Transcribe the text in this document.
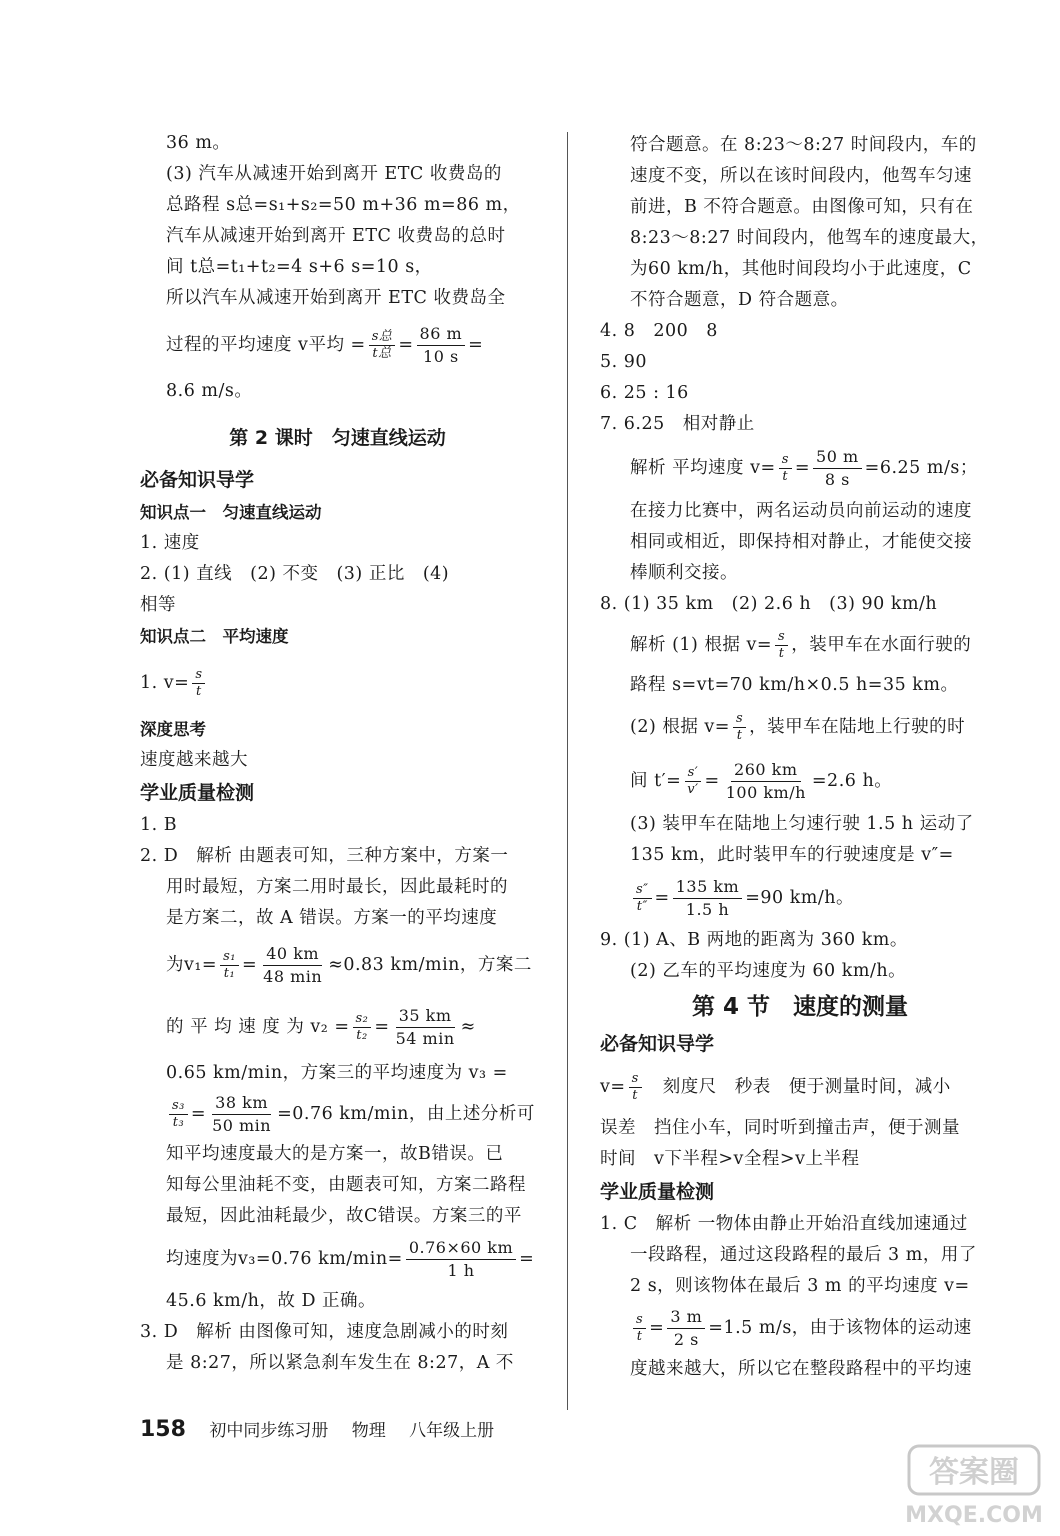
36 m。
(3) 汽车从减速开始到离开 ETC 收费岛的
总路程 s总=s₁+s₂=50 m+36 m=86 m，
汽车从减速开始到离开 ETC 收费岛的总时
间 t总=t₁+t₂=4 s+6 s=10 s，
所以汽车从减速开始到离开 ETC 收费岛全
过程的平均速度 v平均 = $\frac{\text{s总}}{\text{t总}} = \frac{86 m}{10 s}$ =
8.6 m/s。
第 2 课时　匀速直线运动
必备知识导学
知识点一　匀速直线运动
1. 速度
2. (1) 直线　(2) 不变　(3) 正比　(4)
相等
知识点二　平均速度
1. $v= \frac{s}{t}$
深度思考
速度越来越大
学业质量检测
1. B
2. D　解析 由题表可知，三种方案中，方案一
用时最短，方案二用时最长，因此最耗时的
是方案二，故 A 错误。方案一的平均速度
为$v_1= \frac{\text{s₁}}{\text{t₁}} = \frac{40 km}{48 \min} \approx 0.83$ km/min，方案二
的 平 均 速 度 为 $v_2 = \frac{\text{s₂}}{\text{t₂}} = \frac{35 km}{54 \min}$ ≈
0.65 km/min，方案三的平均速度为 v₃ =
$\frac{\text{s₃}}{\text{t₃}} = \frac{38 km}{50 \min} =0.76$ km/min，由上述分析可
知平均速度最大的是方案一，故B错误。已
知每公里油耗不变，由题表可知，方案二路程
最短，因此油耗最少，故C错误。方案三的平
均速度为v₃=0.76 $km/\min= \frac{0.76\times 60 km}{1 h}$ =
45.6 km/h，故 D 正确。
3. D　解析 由图像可知，速度急剧减小的时刻
是 8:27，所以紧急刹车发生在 8:27，A 不
符合题意。在 8:23～8:27 时间段内，车的
速度不变，所以在该时间段内，他驾车匀速
前进，B 不符合题意。由图像可知，只有在
8:23～8:27 时间段内，他驾车的速度最大，
为60 km/h，其他时间段均小于此速度，C
不符合题意，D 符合题意。
4. 8　200　8
5. 90
6. 25 : 16
7. 6.25　相对静止
解析 平均速度 $v= \frac{s}{t} = \frac{50 m}{8 s} =6.25$ m/s；
在接力比赛中，两名运动员向前运动的速度
相同或相近，即保持相对静止，才能使交接
棒顺利交接。
8. (1) 35 km　(2) 2.6 h　(3) 90 km/h
解析 (1) 根据 $v= \frac{s}{t}$ ，装甲车在水面行驶的
路程 s=vt=70 km/h×0.5 h=35 km。
(2) 根据 $v= \frac{s}{t}$ ，装甲车在陆地上行驶的时
间 $t'= \frac{s'}{v'} = \frac{260 km}{100 km/h} =2.6$ h。
(3) 装甲车在陆地上匀速行驶 1.5 h 运动了
135 km，此时装甲车的行驶速度是 v″=
$\frac{s''}{t''} = \frac{135 km}{1.5 h} =90$ km/h。
9. (1) A、B 两地的距离为 360 km。
(2) 乙车的平均速度为 60 km/h。
第 4 节　速度的测量
必备知识导学
$v= \frac{s}{t}$ 　刻度尺　秒表　便于测量时间，减小
误差　挡住小车，同时听到撞击声，便于测量
时间　v下半程>v全程>v上半程
学业质量检测
1. C　解析 一物体由静止开始沿直线加速通过
一段路程，通过这段路程的最后 3 m，用了
2 s，则该物体在最后 3 m 的平均速度 v=
$\frac{s}{t} = \frac{3 m}{2 s} =1.5$ m/s，由于该物体的运动速
度越来越大，所以它在整段路程中的平均速
158 初中同步练习册 物理 八年级上册
答案圈
MXQE.COM
